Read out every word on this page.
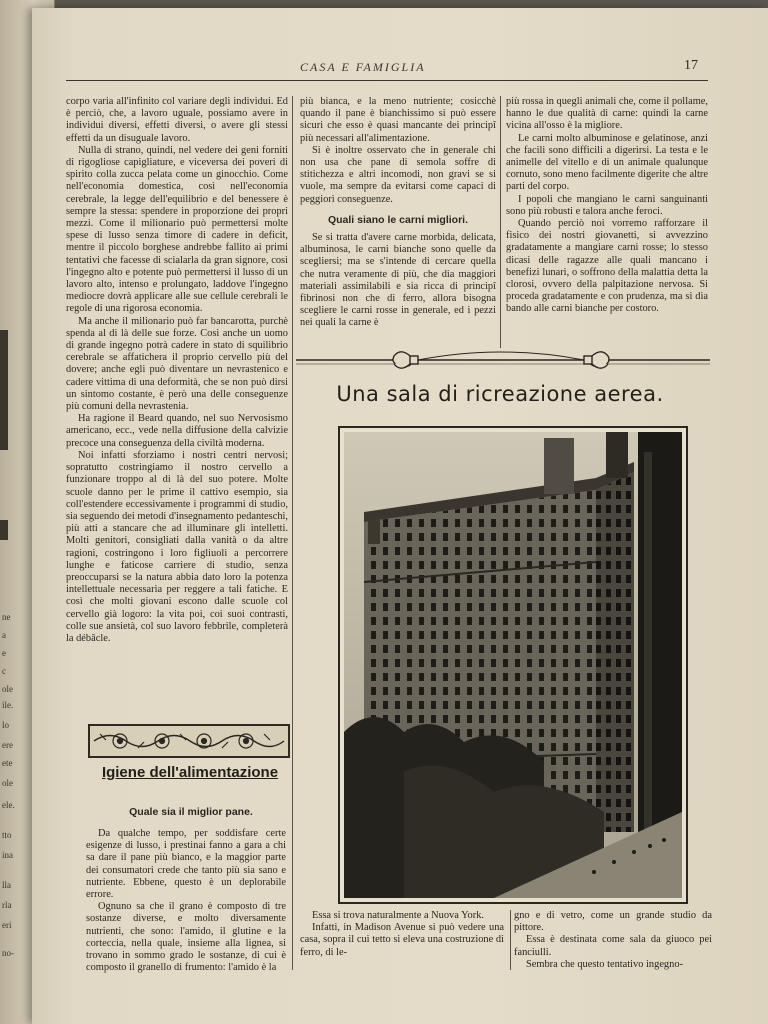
ne
a
e
c
ole
ile.
lo
ere
ete
ole
ele.
tto
ina
lla
rla
eri
no-
CASA E FAMIGLIA	17

corpo varia all'infinito col variare degli individui. Ed è perciò, che, a lavoro uguale, possiamo avere in individui diversi, effetti diversi, o avere gli stessi effetti da un disuguale lavoro.

Nulla di strano, quindi, nel vedere dei geni forniti di rigogliose capigliature, e viceversa dei poveri di spirito colla zucca pelata come un ginocchio. Come nell'economia domestica, così nell'economia cerebrale, la legge dell'equilibrio e del benessere è sempre la stessa: spendere in proporzione dei propri mezzi. Come il milionario può permettersi molte spese di lusso senza timore di cadere in deficit, mentre il piccolo borghese andrebbe fallito ai primi tentativi che facesse di scialarla da gran signore, così l'ingegno alto e potente può permettersi il lusso di un lavoro alto, intenso e prolungato, laddove l'ingegno mediocre dovrà applicare alle sue cellule cerebrali le regole di una rigorosa economia.

Ma anche il milionario può far bancarotta, purchè spenda al di là delle sue forze. Così anche un uomo di grande ingegno potrà cadere in stato di squilibrio cerebrale se affatichera il proprio cervello più del dovere; anche egli può diventare un nevrastenico e cadere vittima di una deformità, che se non può dirsi un sintomo costante, è però una delle conseguenze più comuni della nevrastenia.

Ha ragione il Beard quando, nel suo Nervosismo americano, ecc., vede nella diffusione della calvizie precoce una conseguenza della civiltà moderna.

Noi infatti sforziamo i nostri centri nervosi; sopratutto costringiamo il nostro cervello a funzionare troppo al di là del suo potere. Molte scuole danno per le prime il cattivo esempio, sia coll'estendere eccessivamente i programmi di studio, sia seguendo dei metodi d'insegnamento pedanteschi, più atti a stancare che ad illuminare gli intelletti. Molti genitori, consigliati dalla vanità o da altre ragioni, costringono i loro figliuoli a percorrere lunghe e faticose carriere di studio, senza preoccuparsi se la natura abbia dato loro la potenza intellettuale necessaria per reggere a tali fatiche. E così che molti giovani escono dalle scuole col cervello già logoro: la vita poi, coi suoi contrasti, colle sue ansietà, col suo lavoro febbrile, completerà la débâcle.

Igiene dell'alimentazione
Quale sia il miglior pane.

Da qualche tempo, per soddisfare certe esigenze di lusso, i prestinai fanno a gara a chi sa dare il pane più bianco, e la maggior parte dei consumatori crede che tanto più sia sano e nutriente. Ebbene, questo è un deplorabile errore.

Ognuno sa che il grano è composto di tre sostanze diverse, e molto diversamente nutrienti, che sono: l'amido, il glutine e la corteccia, nella quale, insieme alla lignea, si trovano in sommo grado le sostanze, di cui è composto il granello di frumento: l'amido è la

più bianca, e la meno nutriente; cosicchè quando il pane è bianchissimo si può essere sicuri che esso è quasi mancante dei principî più necessari all'alimentazione.

Si è inoltre osservato che in generale chi non usa che pane di semola soffre di stitichezza e altri incomodi, non gravi se si vuole, ma sempre da evitarsi come capaci di peggiori conseguenze.

Quali siano le carni migliori.

Se si tratta d'avere carne morbida, delicata, albuminosa, le carni bianche sono quelle da scegliersi; ma se s'intende di cercare quella che nutra veramente di più, che dia maggiori materiali assimilabili e sia ricca di principî fibrinosi non che di ferro, allora bisogna scegliere le carni rosse in generale, ed i pezzi nei quali la carne è

più rossa in quegli animali che, come il pollame, hanno le due qualità di carne: quindi la carne vicina all'osso è la migliore.

Le carni molto albuminose e gelatinose, anzi che facili sono difficili a digerirsi. La testa e le animelle del vitello e di un animale qualunque cornuto, sono meno facilmente digerite che altre parti del corpo.

I popoli che mangiano le carni sanguinanti sono più robusti e talora anche feroci.

Quando perciò noi vorremo rafforzare il fisico dei nostri giovanetti, si avvezzino gradatamente a mangiare carni rosse; lo stesso dicasi delle ragazze alle quali mancano i benefizi lunari, o soffrono della malattia detta la clorosi, ovvero della palpitazione nervosa. Si proceda gradatamente e con prudenza, ma si dia bando alle carni bianche per costoro.

Una sala di ricreazione aerea.

Essa si trova naturalmente a Nuova York.

Infatti, in Madison Avenue si può vedere una casa, sopra il cui tetto si eleva una costruzione di ferro, di le-

gno e di vetro, come un grande studio da pittore.

Essa è destinata come sala da giuoco pei fanciulli.

Sembra che questo tentativo ingegno-
